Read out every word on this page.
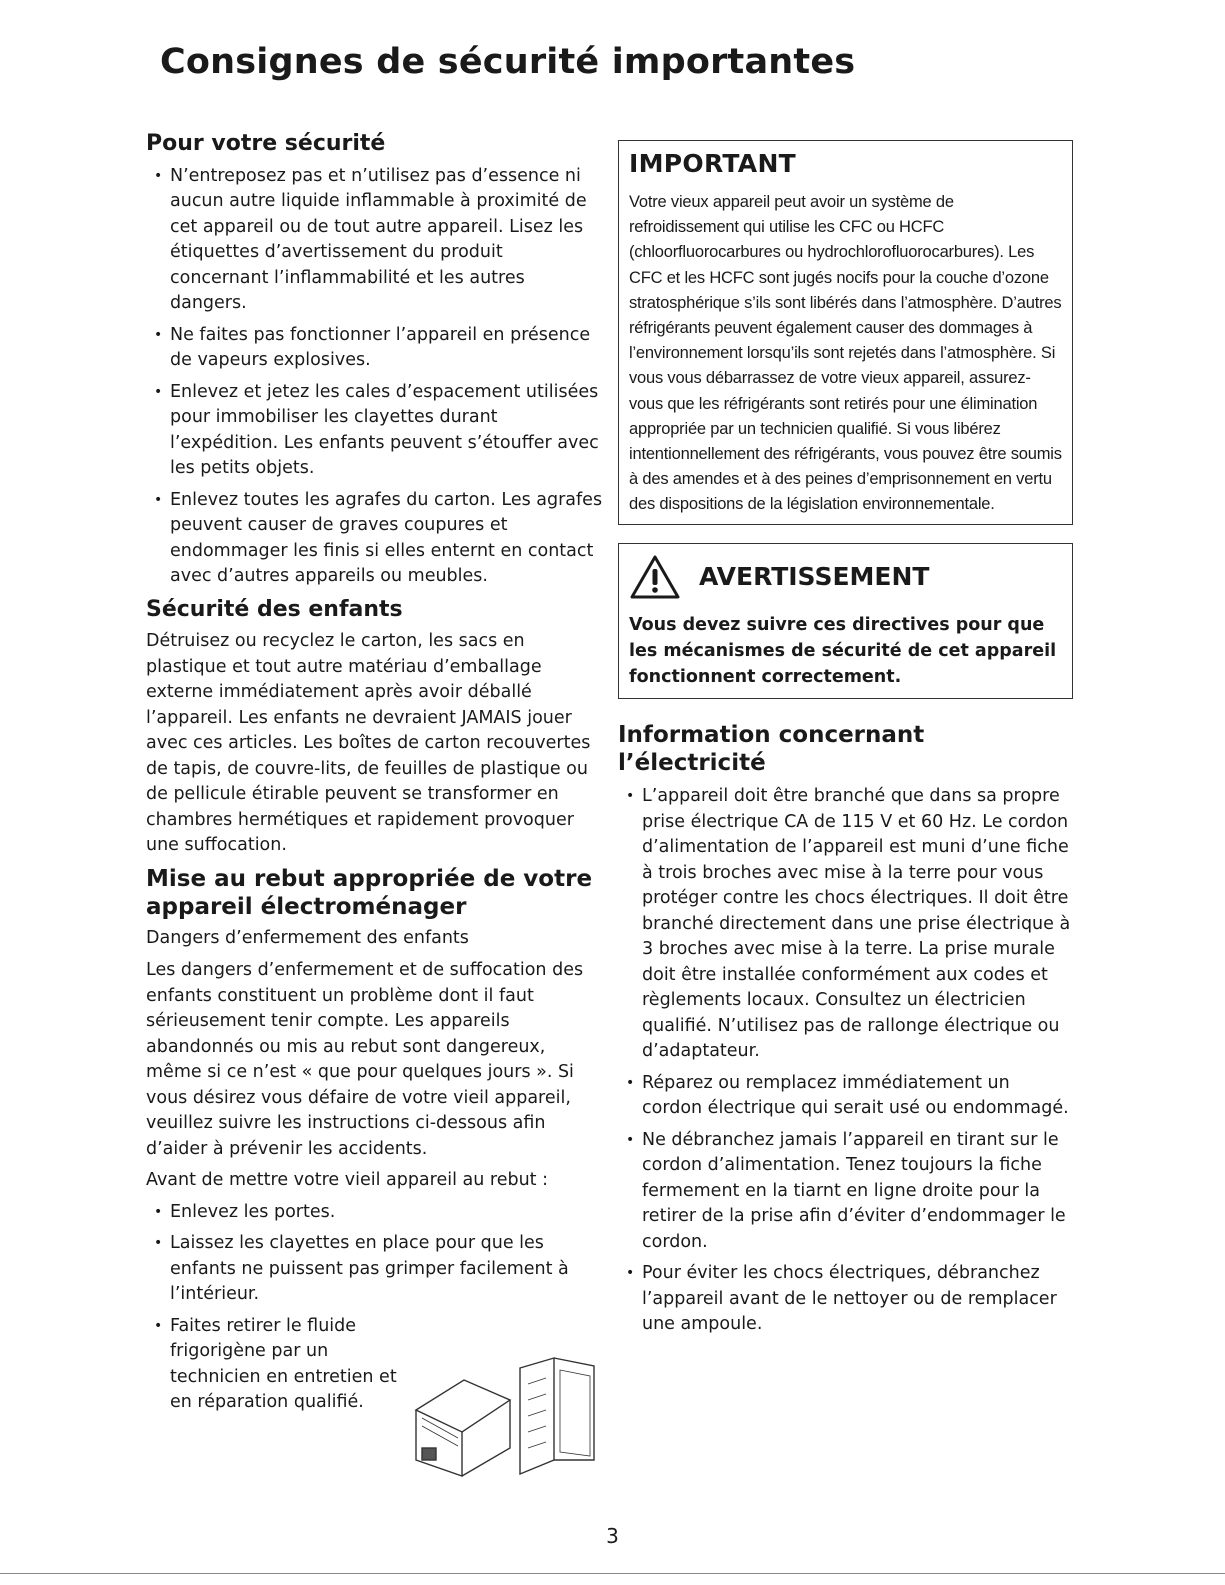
Consignes de sécurité importantes
Pour votre sécurité
• N’entreposez pas et n’utilisez pas d’essence ni aucun autre liquide inflammable à proximité de cet appareil ou de tout autre appareil. Lisez les étiquettes d’avertissement du produit concernant l’inflammabilité et les autres dangers.
• Ne faites pas fonctionner l’appareil en présence de vapeurs explosives.
• Enlevez et jetez les cales d’espacement utilisées pour immobiliser les clayettes durant l’expédition. Les enfants peuvent s’étouffer avec les petits objets.
• Enlevez toutes les agrafes du carton. Les agrafes peuvent causer de graves coupures et endommager les finis si elles enternt en contact avec d’autres appareils ou meubles.
Sécurité des enfants

Détruisez ou recyclez le carton, les sacs en plastique et tout autre matériau d’emballage externe immédiatement après avoir déballé l’appareil. Les enfants ne devraient JAMAIS jouer avec ces articles. Les boîtes de carton recouvertes de tapis, de couvre-lits, de feuilles de plastique ou de pellicule étirable peuvent se transformer en chambres hermétiques et rapidement provoquer une suffocation.

Mise au rebut appropriée de votre appareil électroménager
Dangers d’enfermement des enfants

Les dangers d’enfermement et de suffocation des enfants constituent un problème dont il faut sérieusement tenir compte. Les appareils abandonnés ou mis au rebut sont dangereux, même si ce n’est « que pour quelques jours ». Si vous désirez vous défaire de votre vieil appareil, veuillez suivre les instructions ci-dessous afin d’aider à prévenir les accidents.

Avant de mettre votre vieil appareil au rebut :

• Enlevez les portes.
• Laissez les clayettes en place pour que les enfants ne puissent pas grimper facilement à l’intérieur.
• Faites retirer le fluide frigorigène par un technicien en entretien et en réparation qualifié.
IMPORTANT

Votre vieux appareil peut avoir un système de refroidissement qui utilise les CFC ou HCFC (chloorfluorocarbures ou hydrochlorofluorocarbures). Les CFC et les HCFC sont jugés nocifs pour la couche d’ozone stratosphérique s’ils sont libérés dans l’atmosphère. D’autres réfrigérants peuvent également causer des dommages à l’environnement lorsqu’ils sont rejetés dans l’atmosphère. Si vous vous débarrassez de votre vieux appareil, assurez-vous que les réfrigérants sont retirés pour une élimination appropriée par un technicien qualifié. Si vous libérez intentionnellement des réfrigérants, vous pouvez être soumis à des amendes et à des peines d’emprisonnement en vertu des dispositions de la législation environnementale.

AVERTISSEMENT

Vous devez suivre ces directives pour que les mécanismes de sécurité de cet appareil fonctionnent correctement.

Information concernant l’électricité
• L’appareil doit être branché que dans sa propre prise électrique CA de 115 V et 60 Hz. Le cordon d’alimentation de l’appareil est muni d’une fiche à trois broches avec mise à la terre pour vous protéger contre les chocs électriques. Il doit être branché directement dans une prise électrique à 3 broches avec mise à la terre. La prise murale doit être installée conformément aux codes et règlements locaux. Consultez un électricien qualifié. N’utilisez pas de rallonge électrique ou d’adaptateur.
• Réparez ou remplacez immédiatement un cordon électrique qui serait usé ou endommagé.
• Ne débranchez jamais l’appareil en tirant sur le cordon d’alimentation. Tenez toujours la fiche fermement en la tiarnt en ligne droite pour la retirer de la prise afin d’éviter d’endommager le cordon.
• Pour éviter les chocs électriques, débranchez l’appareil avant de le nettoyer ou de remplacer une ampoule.
3
